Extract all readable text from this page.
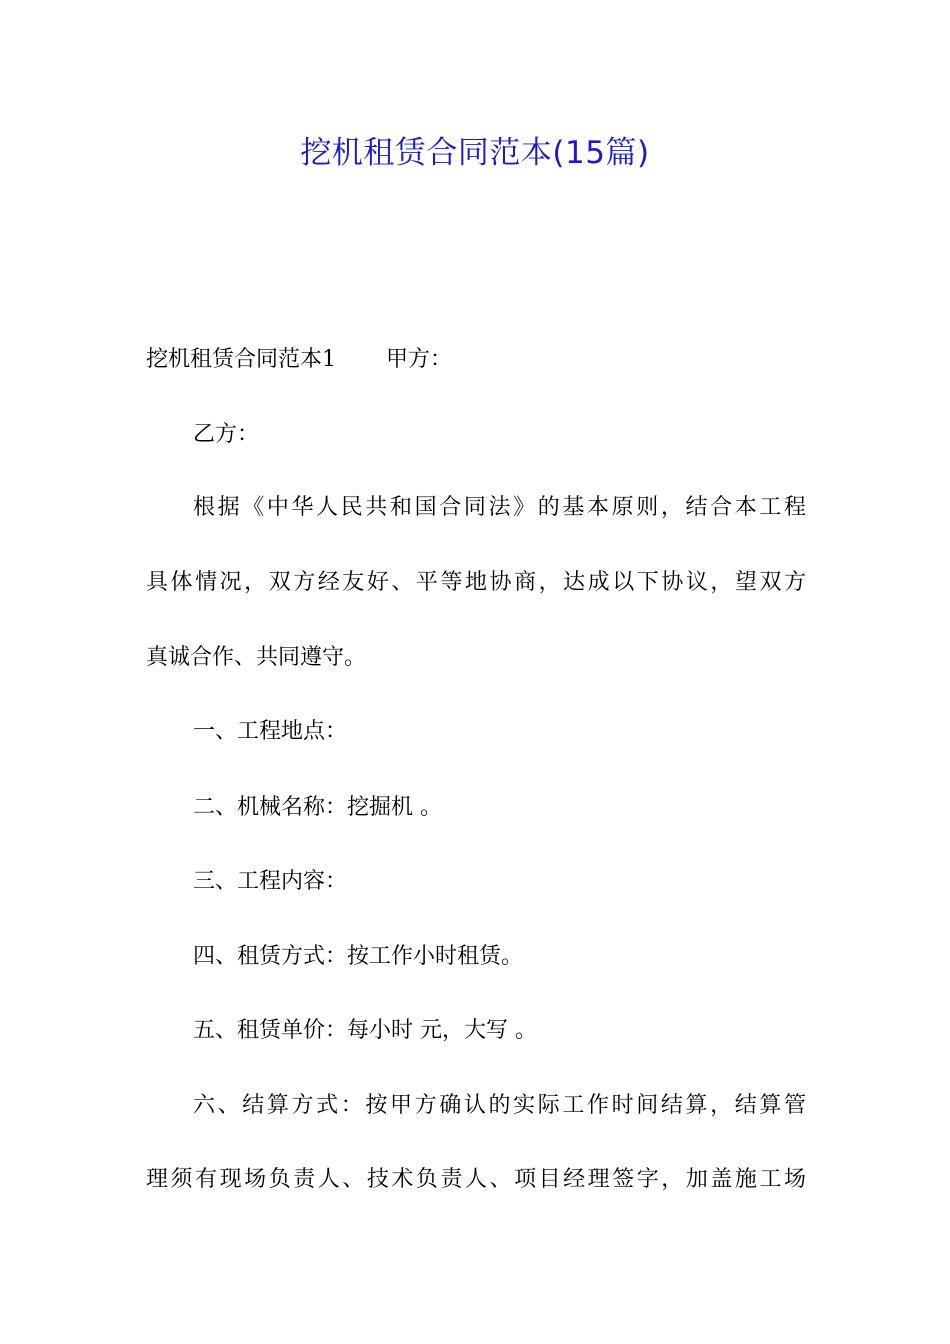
挖机租赁合同范本(15篇)
挖机租赁合同范本1 甲方：
乙方：
根据《中华人民共和国合同法》的基本原则，结合本工程
具体情况，双方经友好、平等地协商，达成以下协议，望双方
真诚合作、共同遵守。
一、工程地点：
二、机械名称：挖掘机 。
三、工程内容：
四、租赁方式：按工作小时租赁。
五、租赁单价：每小时 元，大写 。
六、结算方式：按甲方确认的实际工作时间结算，结算管
理须有现场负责人、技术负责人、项目经理签字，加盖施工场
